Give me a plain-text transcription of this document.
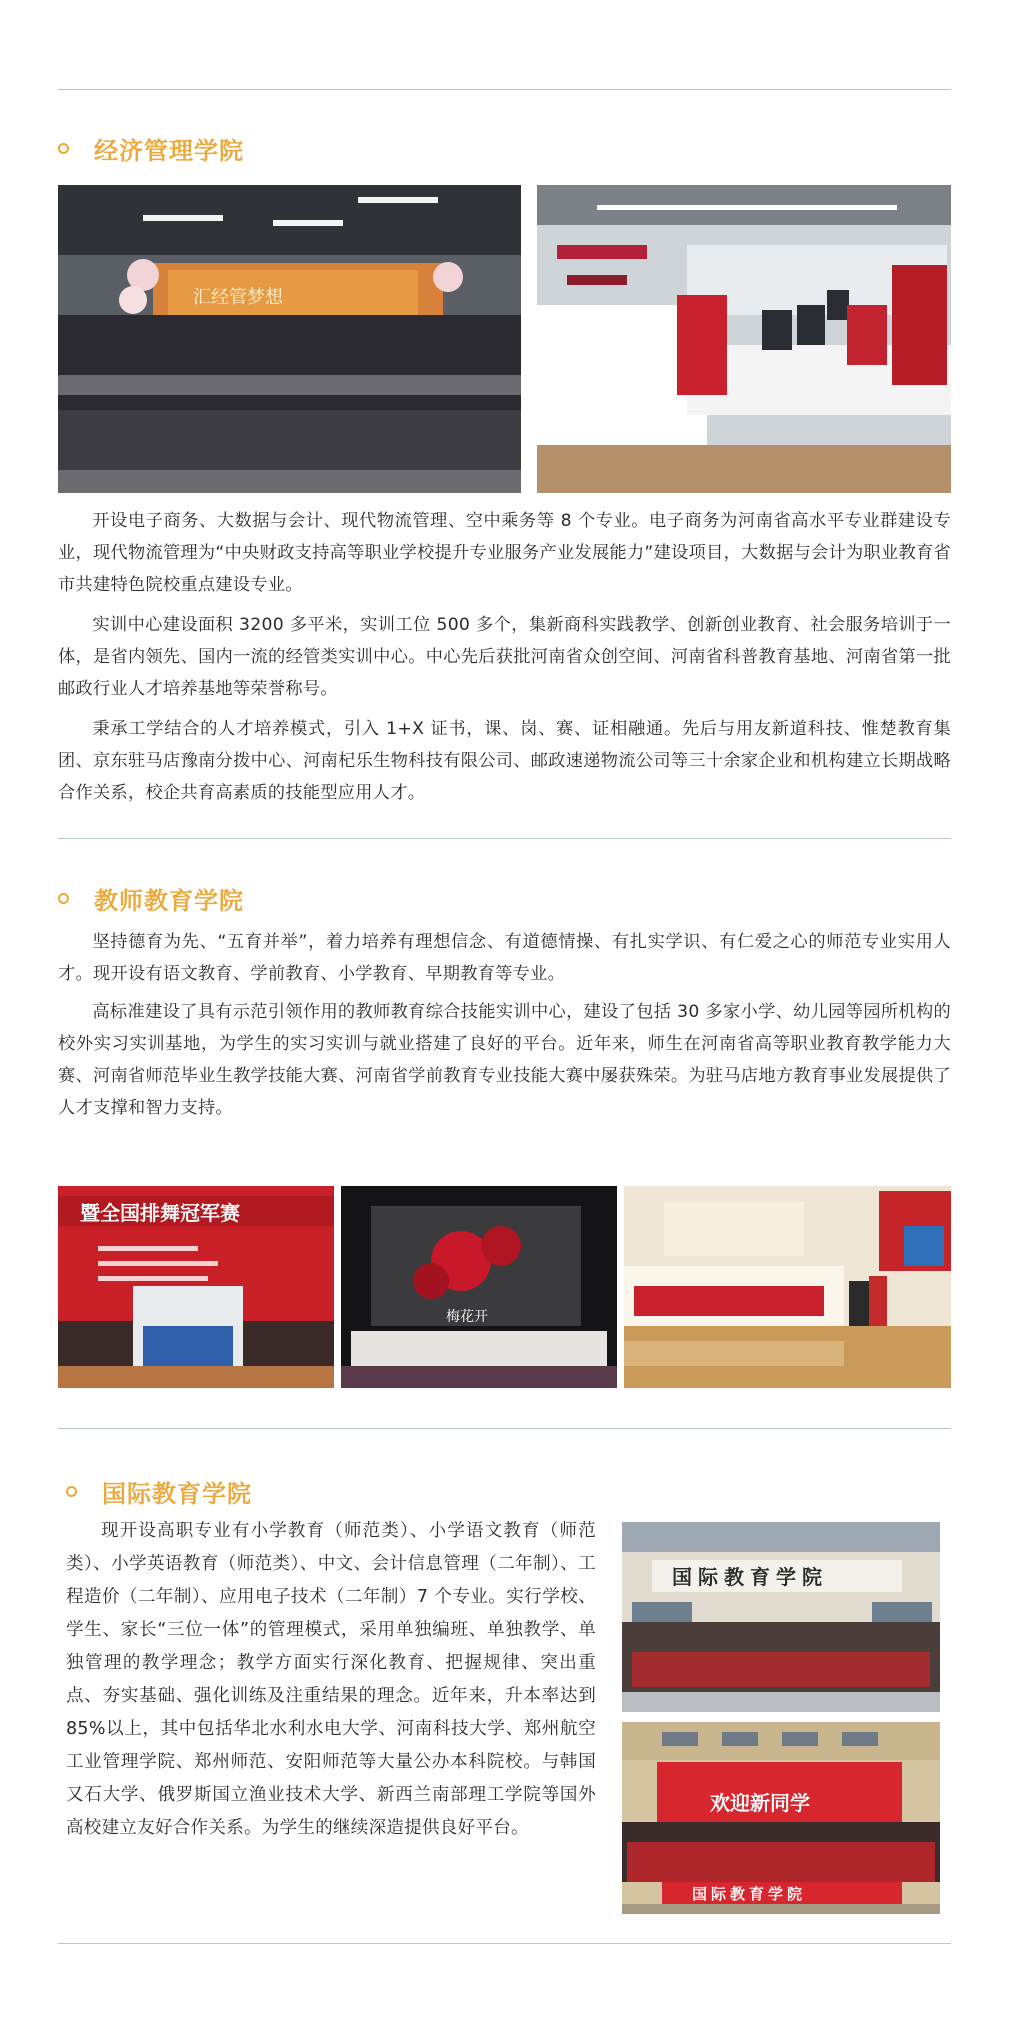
经济管理学院
汇经管梦想

开设电子商务、大数据与会计、现代物流管理、空中乘务等 8 个专业。电子商务为河南省高水平专业群建设专业，现代物流管理为“中央财政支持高等职业学校提升专业服务产业发展能力”建设项目，大数据与会计为职业教育省市共建特色院校重点建设专业。

实训中心建设面积 3200 多平米，实训工位 500 多个，集新商科实践教学、创新创业教育、社会服务培训于一体，是省内领先、国内一流的经管类实训中心。中心先后获批河南省众创空间、河南省科普教育基地、河南省第一批邮政行业人才培养基地等荣誉称号。

秉承工学结合的人才培养模式，引入 1+X 证书，课、岗、赛、证相融通。先后与用友新道科技、惟楚教育集团、京东驻马店豫南分拨中心、河南杞乐生物科技有限公司、邮政速递物流公司等三十余家企业和机构建立长期战略合作关系，校企共育高素质的技能型应用人才。

教师教育学院

坚持德育为先、“五育并举”，着力培养有理想信念、有道德情操、有扎实学识、有仁爱之心的师范专业实用人才。现开设有语文教育、学前教育、小学教育、早期教育等专业。

高标准建设了具有示范引领作用的教师教育综合技能实训中心，建设了包括 30 多家小学、幼儿园等园所机构的校外实习实训基地，为学生的实习实训与就业搭建了良好的平台。近年来，师生在河南省高等职业教育教学能力大赛、河南省师范毕业生教学技能大赛、河南省学前教育专业技能大赛中屡获殊荣。为驻马店地方教育事业发展提供了人才支撑和智力支持。

暨全国排舞冠军赛
梅花开
国际教育学院

现开设高职专业有小学教育（师范类）、小学语文教育（师范类）、小学英语教育（师范类）、中文、会计信息管理（二年制）、工程造价（二年制）、应用电子技术（二年制）7 个专业。实行学校、学生、家长“三位一体”的管理模式，采用单独编班、单独教学、单独管理的教学理念；教学方面实行深化教育、把握规律、突出重点、夯实基础、强化训练及注重结果的理念。近年来，升本率达到 85%以上，其中包括华北水利水电大学、河南科技大学、郑州航空工业管理学院、郑州师范、安阳师范等大量公办本科院校。与韩国又石大学、俄罗斯国立渔业技术大学、新西兰南部理工学院等国外高校建立友好合作关系。为学生的继续深造提供良好平台。

国际教育学院
欢迎新同学
国际教育学院
